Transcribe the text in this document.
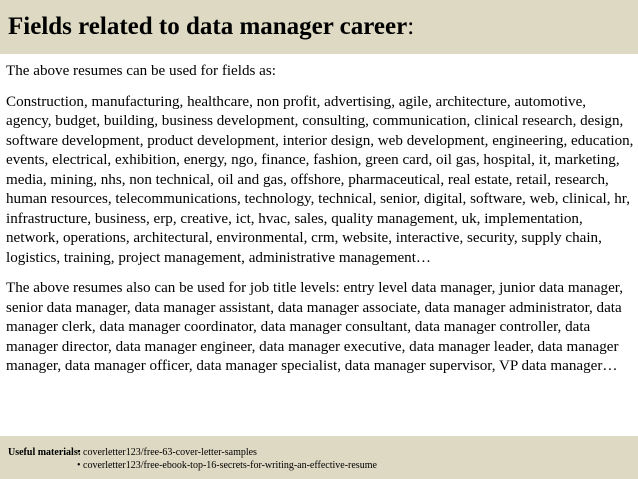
Fields related to data manager career:

The above resumes can be used for fields as:

Construction, manufacturing, healthcare, non profit, advertising, agile, architecture, automotive, agency, budget, building, business development, consulting, communication, clinical research, design, software development, product development, interior design, web development, engineering, education, events, electrical, exhibition, energy, ngo, finance, fashion, green card, oil gas, hospital, it, marketing, media, mining, nhs, non technical, oil and gas, offshore, pharmaceutical, real estate, retail, research, human resources, telecommunications, technology, technical, senior, digital, software, web, clinical, hr, infrastructure, business, erp, creative, ict, hvac, sales, quality management, uk, implementation, network, operations, architectural, environmental, crm, website, interactive, security, supply chain, logistics, training, project management, administrative management…

The above resumes also can be used for job title levels: entry level data manager, junior data manager, senior data manager, data manager assistant, data manager associate, data manager administrator, data manager clerk, data manager coordinator, data manager consultant, data manager controller, data manager director, data manager engineer, data manager executive, data manager leader, data manager manager, data manager officer, data manager specialist, data manager supervisor, VP data manager…

Useful materials:
• coverletter123/free-63-cover-letter-samples
• coverletter123/free-ebook-top-16-secrets-for-writing-an-effective-resume
